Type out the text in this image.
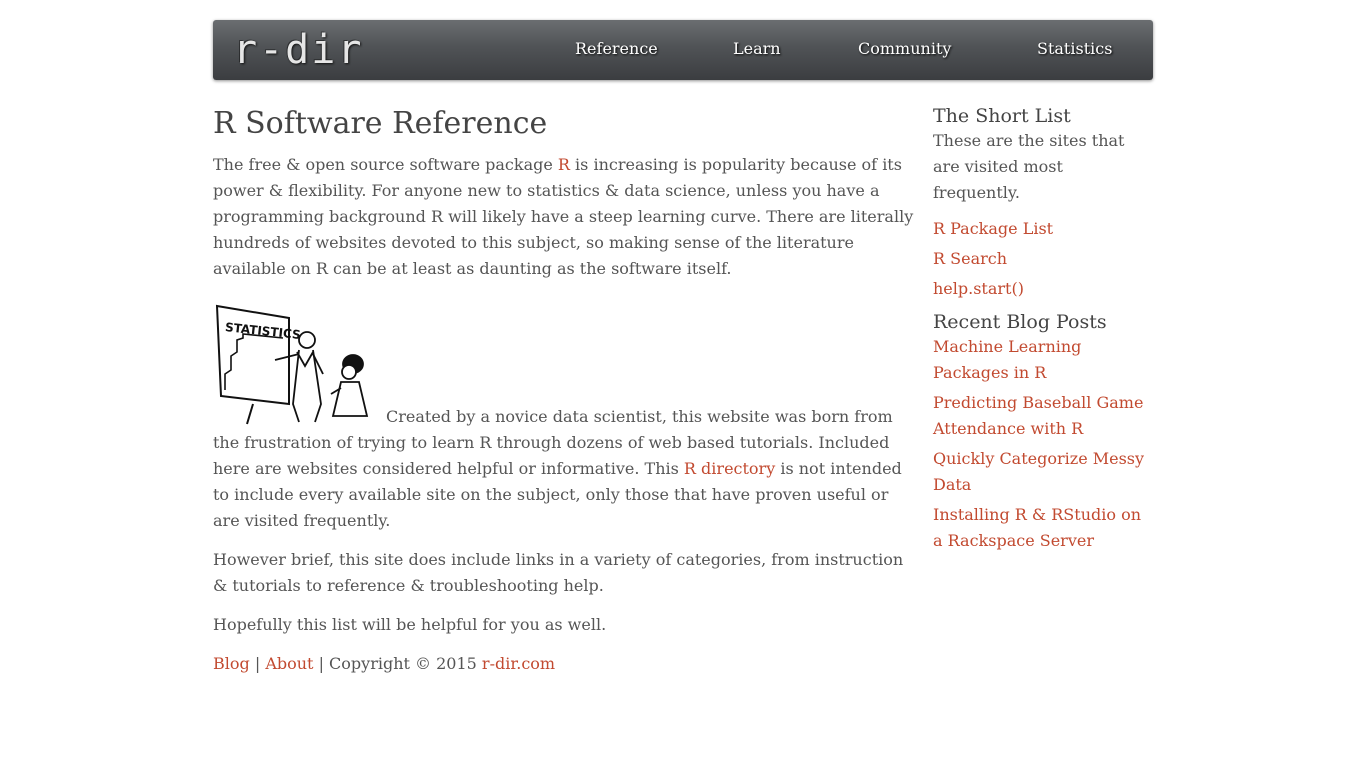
r-dir	Reference	Learn	Community	Statistics
R Software Reference

The free & open source software package R is increasing is popularity because of its power & flexibility. For anyone new to statistics & data science, unless you have a programming background R will likely have a steep learning curve. There are literally hundreds of websites devoted to this subject, so making sense of the literature available on R can be at least as daunting as the software itself.

STATISTICS
Created by a novice data scientist, this website was born from the frustration of trying to learn R through dozens of web based tutorials. Included here are websites considered helpful or informative. This R directory is not intended to include every available site on the subject, only those that have proven useful or are visited frequently.

However brief, this site does include links in a variety of categories, from instruction & tutorials to reference & troubleshooting help.

Hopefully this list will be helpful for you as well.

Blog | About | Copyright © 2015 r-dir.com

The Short List

These are the sites that are visited most frequently.

R Package List
R Search
help.start()
Recent Blog Posts
Machine Learning Packages in R
Predicting Baseball Game Attendance with R
Quickly Categorize Messy Data
Installing R & RStudio on a Rackspace Server
